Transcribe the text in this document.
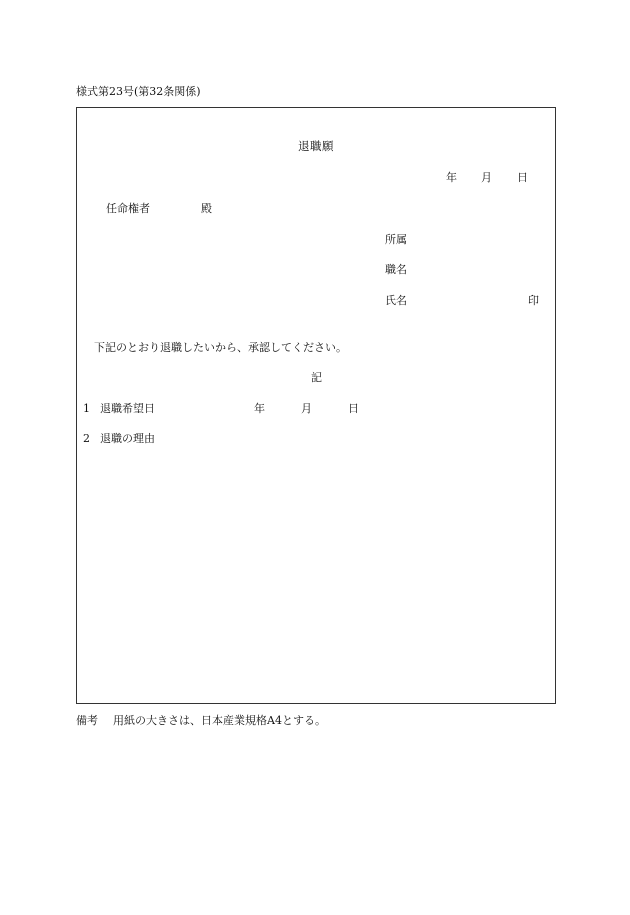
様式第23号(第32条関係)
退職願
年 月 日
任命権者	殿
所属
職名
氏名	印
下記のとおり退職したいから、承認してください。
記
1 退職希望日	年	月	日
2 退職の理由
備考 用紙の大きさは、日本産業規格A4とする。
